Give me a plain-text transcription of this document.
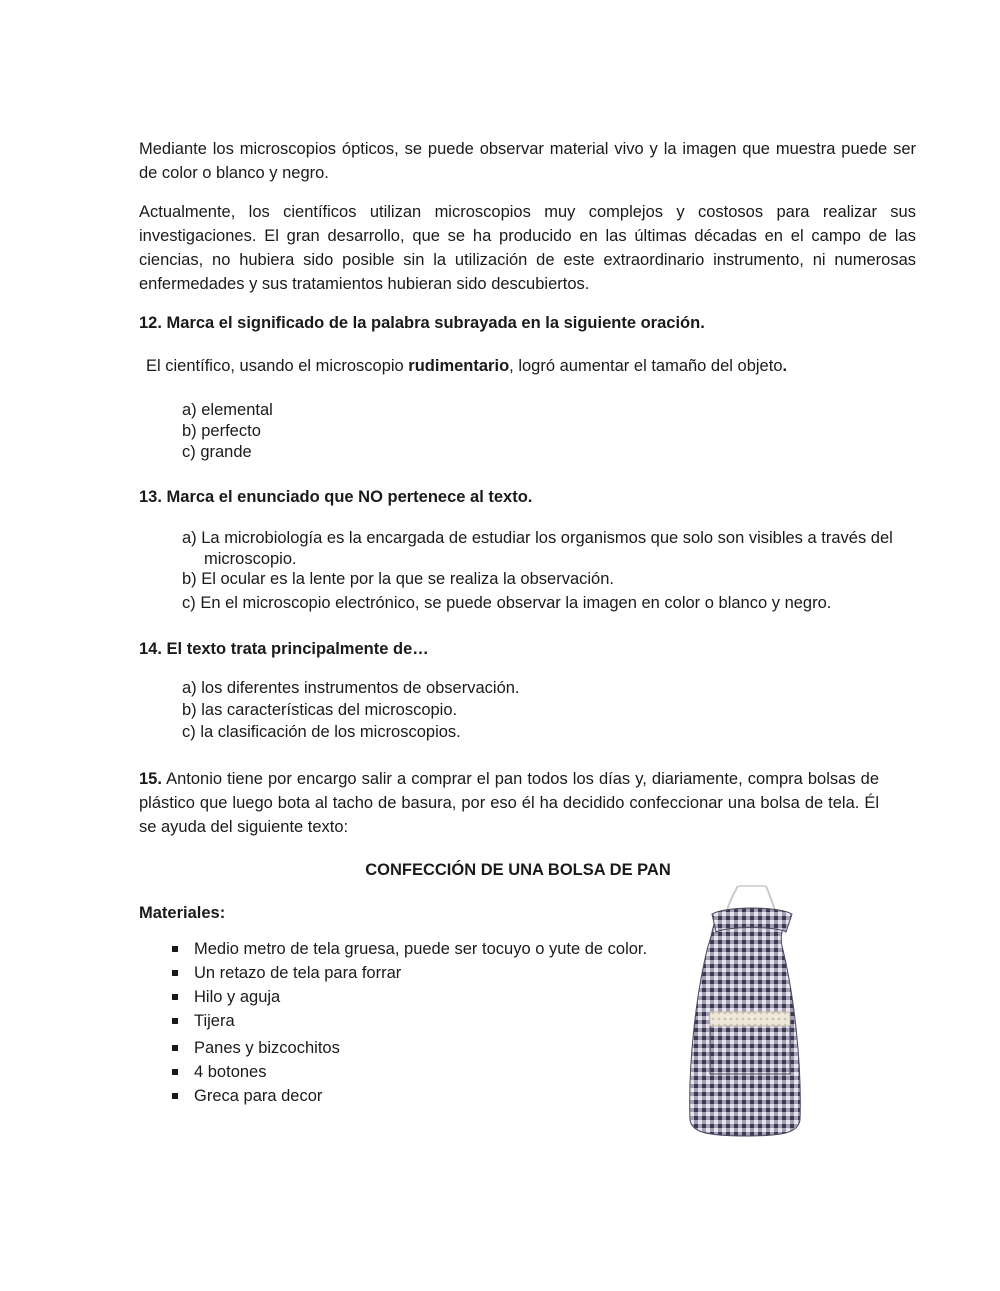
Mediante los microscopios ópticos, se puede observar material vivo y la imagen que muestra puede ser de color o blanco y negro.

Actualmente, los científicos utilizan microscopios muy complejos y costosos para realizar sus investigaciones. El gran desarrollo, que se ha producido en las últimas décadas en el campo de las ciencias, no hubiera sido posible sin la utilización de este extraordinario instrumento, ni numerosas enfermedades y sus tratamientos hubieran sido descubiertos.

12. Marca el significado de la palabra subrayada en la siguiente oración.

El científico, usando el microscopio rudimentario, logró aumentar el tamaño del objeto.

a) elemental

b) perfecto

c) grande

13. Marca el enunciado que NO pertenece al texto.

a) La microbiología es la encargada de estudiar los organismos que solo son visibles a través del microscopio.

b) El ocular es la lente por la que se realiza la observación.

c) En el microscopio electrónico, se puede observar la imagen en color o blanco y negro.

14. El texto trata principalmente de…

a) los diferentes instrumentos de observación.

b) las características del microscopio.

c) la clasificación de los microscopios.

15. Antonio tiene por encargo salir a comprar el pan todos los días y, diariamente, compra bolsas de plástico que luego bota al tacho de basura, por eso él ha decidido confeccionar una bolsa de tela. Él se ayuda del siguiente texto:

CONFECCIÓN DE UNA BOLSA DE PAN

Materiales:

Medio metro de tela gruesa, puede ser tocuyo o yute de color.
Un retazo de tela para forrar
Hilo y aguja
Tijera
Panes y bizcochitos
4 botones
Greca para decor
